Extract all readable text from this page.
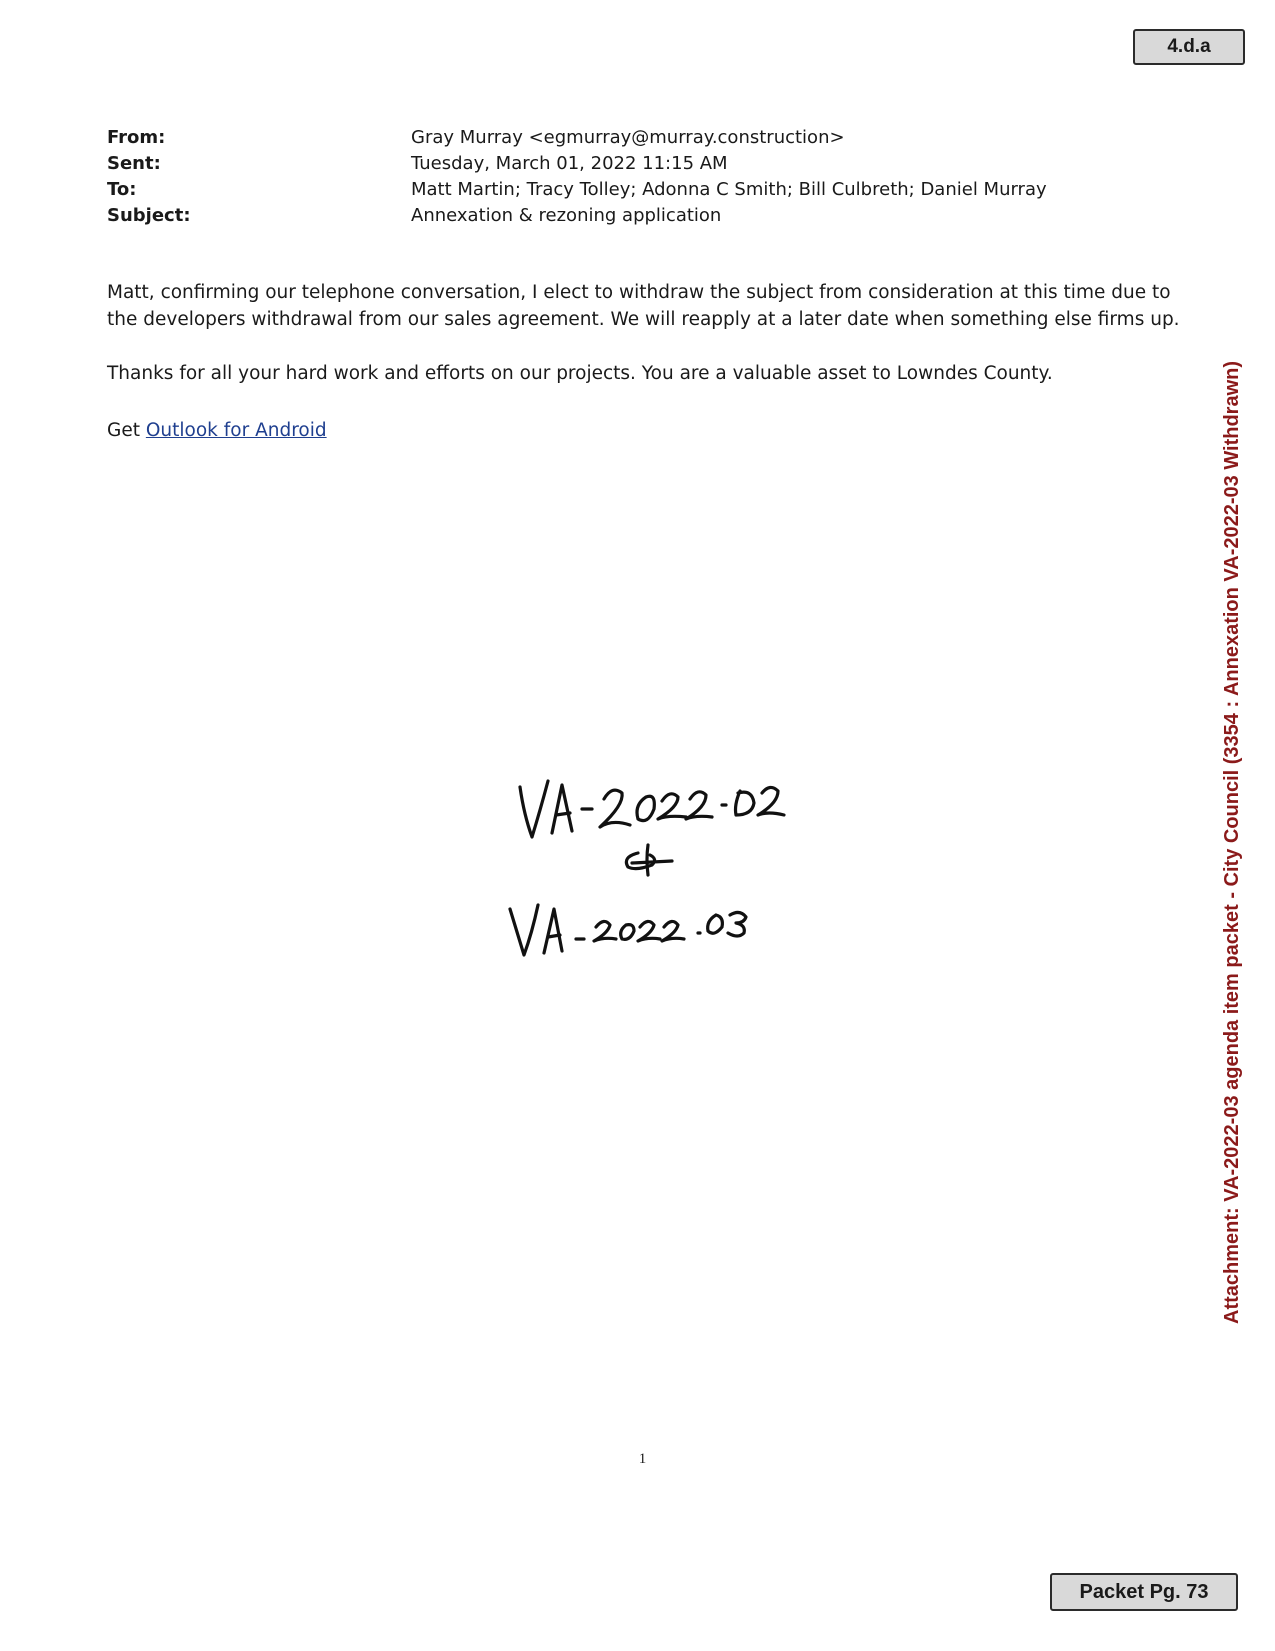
4.d.a
From:	Gray Murray <egmurray@murray.construction>
Sent:	Tuesday, March 01, 2022 11:15 AM
To:	Matt Martin; Tracy Tolley; Adonna C Smith; Bill Culbreth; Daniel Murray
Subject:	Annexation & rezoning application
Matt, confirming our telephone conversation, I elect to withdraw the subject from consideration at this time due to the developers withdrawal from our sales agreement. We will reapply at a later date when something else firms up.
Thanks for all your hard work and efforts on our projects. You are a valuable asset to Lowndes County.
Get Outlook for Android
1
Attachment: VA-2022-03 agenda item packet - City Council (3354 : Annexation VA-2022-03 Withdrawn)
Packet Pg. 73
